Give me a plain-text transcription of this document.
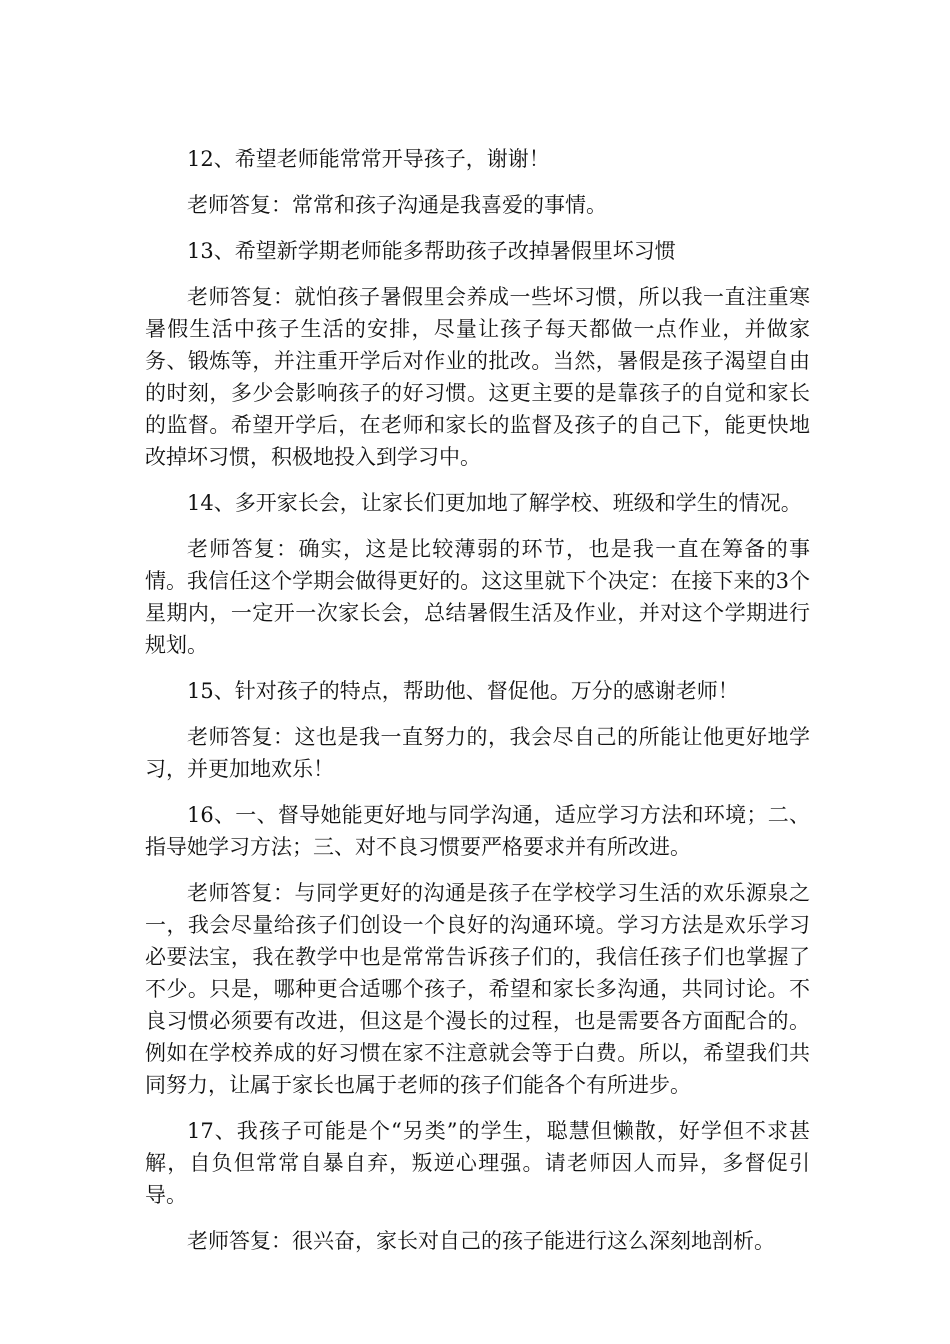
12、希望老师能常常开导孩子，谢谢！

老师答复：常常和孩子沟通是我喜爱的事情。

13、希望新学期老师能多帮助孩子改掉暑假里坏习惯

老师答复：就怕孩子暑假里会养成一些坏习惯，所以我一直注重寒暑假生活中孩子生活的安排，尽量让孩子每天都做一点作业，并做家务、锻炼等，并注重开学后对作业的批改。当然，暑假是孩子渴望自由的时刻，多少会影响孩子的好习惯。这更主要的是靠孩子的自觉和家长的监督。希望开学后，在老师和家长的监督及孩子的自己下，能更快地改掉坏习惯，积极地投入到学习中。

14、多开家长会，让家长们更加地了解学校、班级和学生的情况。

老师答复：确实，这是比较薄弱的环节，也是我一直在筹备的事情。我信任这个学期会做得更好的。这这里就下个决定：在接下来的3个星期内，一定开一次家长会，总结暑假生活及作业，并对这个学期进行规划。

15、针对孩子的特点，帮助他、督促他。万分的感谢老师！

老师答复：这也是我一直努力的，我会尽自己的所能让他更好地学习，并更加地欢乐！

16、一、督导她能更好地与同学沟通，适应学习方法和环境；二、指导她学习方法；三、对不良习惯要严格要求并有所改进。

老师答复：与同学更好的沟通是孩子在学校学习生活的欢乐源泉之一，我会尽量给孩子们创设一个良好的沟通环境。学习方法是欢乐学习必要法宝，我在教学中也是常常告诉孩子们的，我信任孩子们也掌握了不少。只是，哪种更合适哪个孩子，希望和家长多沟通，共同讨论。不良习惯必须要有改进，但这是个漫长的过程，也是需要各方面配合的。例如在学校养成的好习惯在家不注意就会等于白费。所以，希望我们共同努力，让属于家长也属于老师的孩子们能各个有所进步。

17、我孩子可能是个“另类”的学生，聪慧但懒散，好学但不求甚解，自负但常常自暴自弃，叛逆心理强。请老师因人而异，多督促引导。

老师答复：很兴奋，家长对自己的孩子能进行这么深刻地剖析。
